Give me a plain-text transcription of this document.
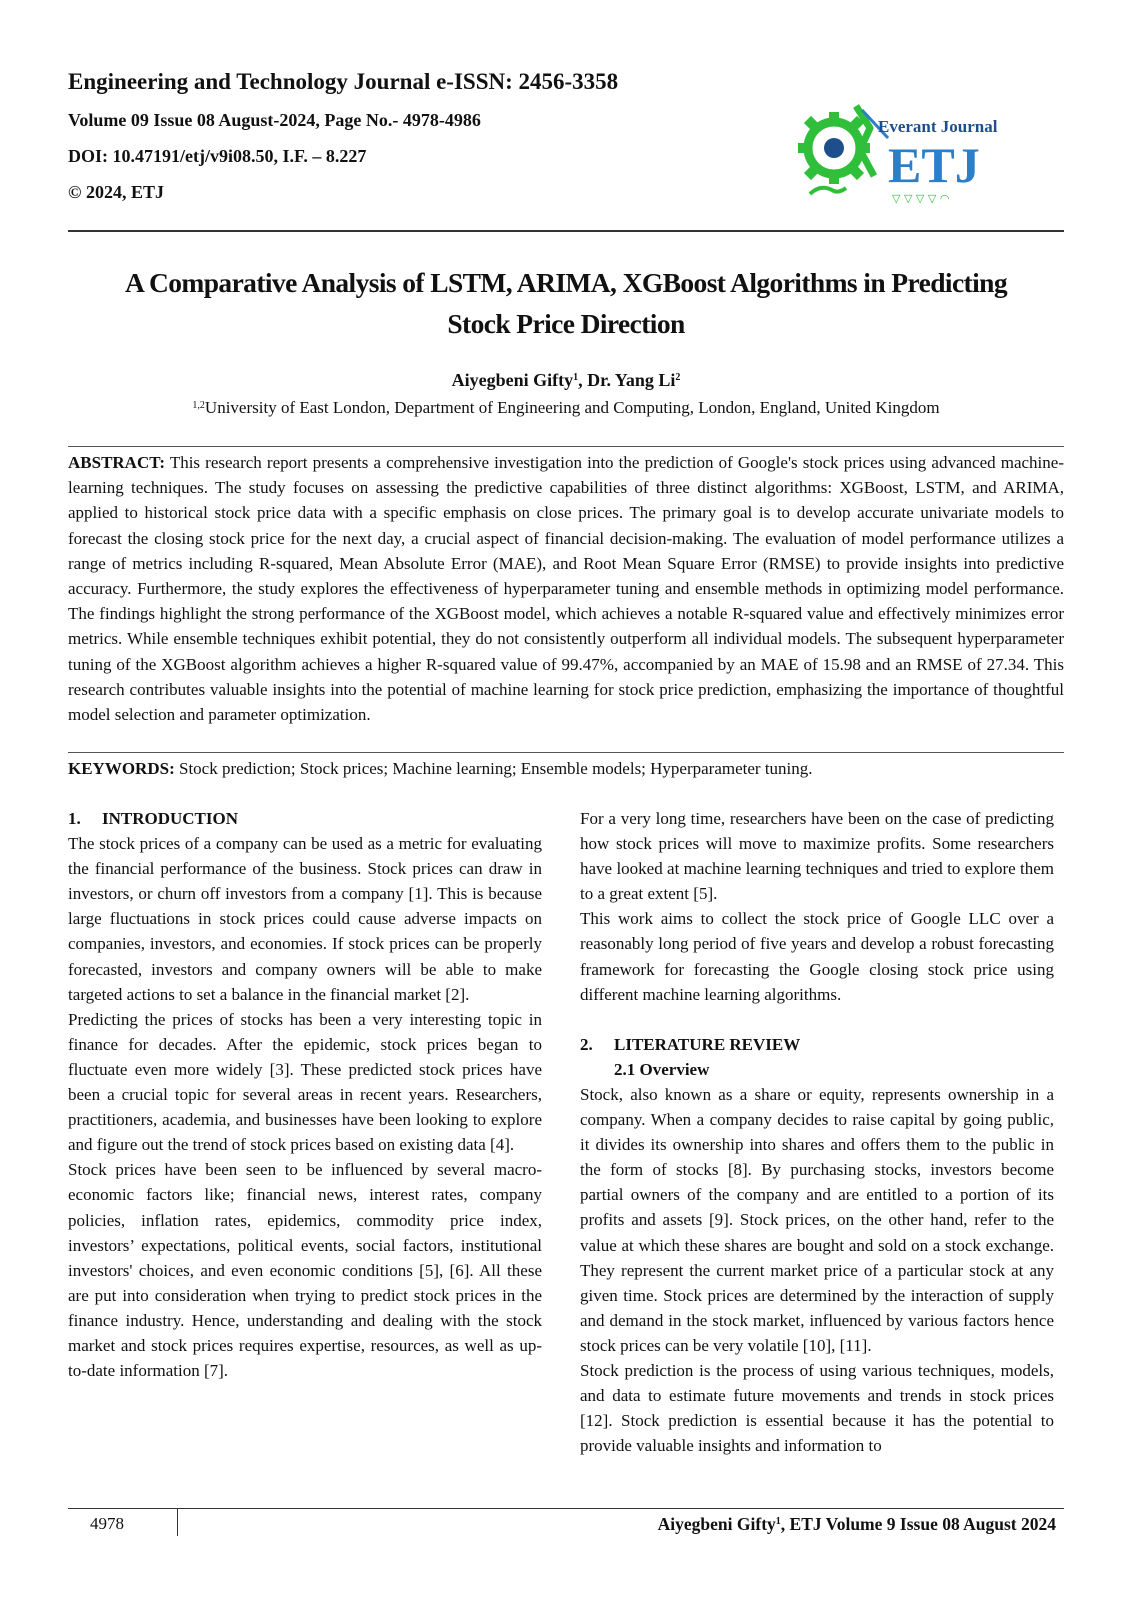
Engineering and Technology Journal e-ISSN: 2456-3358
Volume 09 Issue 08 August-2024, Page No.- 4978-4986
DOI: 10.47191/etj/v9i08.50, I.F. – 8.227
© 2024, ETJ
Everant Journal
ETJ
▽ ▽ ▽ ▽ ◠
A Comparative Analysis of LSTM, ARIMA, XGBoost Algorithms in Predicting
Stock Price Direction
Aiyegbeni Gifty$^1$, Dr. Yang Li$^2$
$^{1,2}$University of East London, Department of Engineering and Computing, London, England, United Kingdom
ABSTRACT: This research report presents a comprehensive investigation into the prediction of Google's stock prices using advanced machine-learning techniques. The study focuses on assessing the predictive capabilities of three distinct algorithms: XGBoost, LSTM, and ARIMA, applied to historical stock price data with a specific emphasis on close prices. The primary goal is to develop accurate univariate models to forecast the closing stock price for the next day, a crucial aspect of financial decision-making. The evaluation of model performance utilizes a range of metrics including R-squared, Mean Absolute Error (MAE), and Root Mean Square Error (RMSE) to provide insights into predictive accuracy. Furthermore, the study explores the effectiveness of hyperparameter tuning and ensemble methods in optimizing model performance. The findings highlight the strong performance of the XGBoost model, which achieves a notable R-squared value and effectively minimizes error metrics. While ensemble techniques exhibit potential, they do not consistently outperform all individual models. The subsequent hyperparameter tuning of the XGBoost algorithm achieves a higher R-squared value of 99.47%, accompanied by an MAE of 15.98 and an RMSE of 27.34. This research contributes valuable insights into the potential of machine learning for stock price prediction, emphasizing the importance of thoughtful model selection and parameter optimization.
KEYWORDS: Stock prediction; Stock prices; Machine learning; Ensemble models; Hyperparameter tuning.
1. INTRODUCTION

The stock prices of a company can be used as a metric for evaluating the financial performance of the business. Stock prices can draw in investors, or churn off investors from a company [1]. This is because large fluctuations in stock prices could cause adverse impacts on companies, investors, and economies. If stock prices can be properly forecasted, investors and company owners will be able to make targeted actions to set a balance in the financial market [2].

Predicting the prices of stocks has been a very interesting topic in finance for decades. After the epidemic, stock prices began to fluctuate even more widely [3]. These predicted stock prices have been a crucial topic for several areas in recent years. Researchers, practitioners, academia, and businesses have been looking to explore and figure out the trend of stock prices based on existing data [4].

Stock prices have been seen to be influenced by several macro-economic factors like; financial news, interest rates, company policies, inflation rates, epidemics, commodity price index, investors’ expectations, political events, social factors, institutional investors' choices, and even economic conditions [5], [6]. All these are put into consideration when trying to predict stock prices in the finance industry. Hence, understanding and dealing with the stock market and stock prices requires expertise, resources, as well as up-to-date information [7].

For a very long time, researchers have been on the case of predicting how stock prices will move to maximize profits. Some researchers have looked at machine learning techniques and tried to explore them to a great extent [5].

This work aims to collect the stock price of Google LLC over a reasonably long period of five years and develop a robust forecasting framework for forecasting the Google closing stock price using different machine learning algorithms.

2. LITERATURE REVIEW
2.1 Overview

Stock, also known as a share or equity, represents ownership in a company. When a company decides to raise capital by going public, it divides its ownership into shares and offers them to the public in the form of stocks [8]. By purchasing stocks, investors become partial owners of the company and are entitled to a portion of its profits and assets [9]. Stock prices, on the other hand, refer to the value at which these shares are bought and sold on a stock exchange. They represent the current market price of a particular stock at any given time. Stock prices are determined by the interaction of supply and demand in the stock market, influenced by various factors hence stock prices can be very volatile [10], [11].

Stock prediction is the process of using various techniques, models, and data to estimate future movements and trends in stock prices [12]. Stock prediction is essential because it has the potential to provide valuable insights and information to

4978	Aiyegbeni Gifty$^1$, ETJ Volume 9 Issue 08 August 2024
